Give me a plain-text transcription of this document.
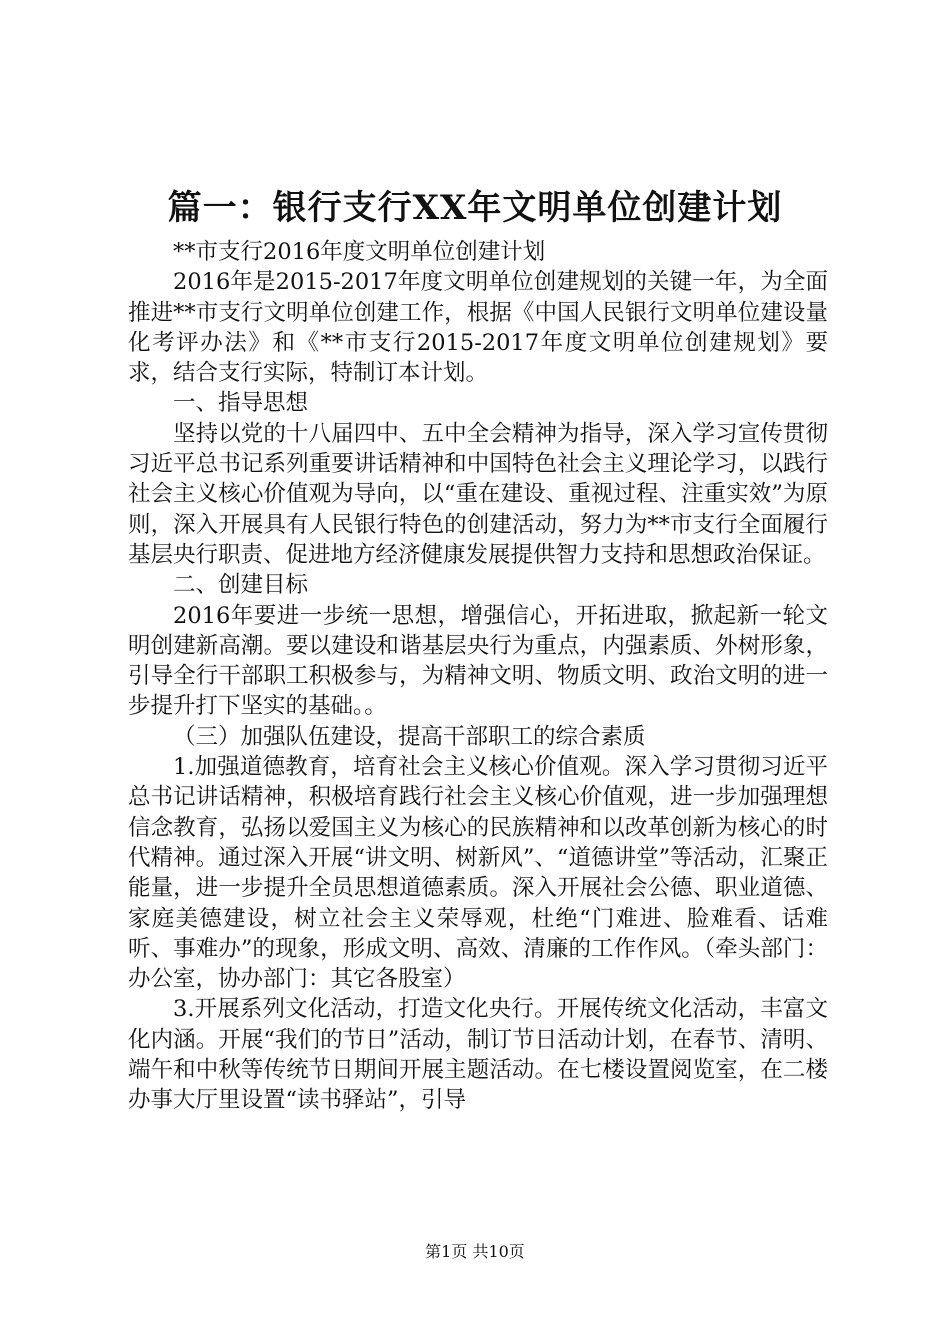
篇一：银行支行XX年文明单位创建计划

**市支行2016年度文明单位创建计划

2016年是2015-2017年度文明单位创建规划的关键一年，为全面推进**市支行文明单位创建工作，根据《中国人民银行文明单位建设量化考评办法》和《**市支行2015-2017年度文明单位创建规划》要求，结合支行实际，特制订本计划。

一、指导思想

坚持以党的十八届四中、五中全会精神为指导，深入学习宣传贯彻习近平总书记系列重要讲话精神和中国特色社会主义理论学习，以践行社会主义核心价值观为导向，以“重在建设、重视过程、注重实效”为原则，深入开展具有人民银行特色的创建活动，努力为**市支行全面履行基层央行职责、促进地方经济健康发展提供智力支持和思想政治保证。

二、创建目标

2016年要进一步统一思想，增强信心，开拓进取，掀起新一轮文明创建新高潮。要以建设和谐基层央行为重点，内强素质、外树形象，引导全行干部职工积极参与，为精神文明、物质文明、政治文明的进一步提升打下坚实的基础。。

（三）加强队伍建设，提高干部职工的综合素质

1.加强道德教育，培育社会主义核心价值观。深入学习贯彻习近平总书记讲话精神，积极培育践行社会主义核心价值观，进一步加强理想信念教育，弘扬以爱国主义为核心的民族精神和以改革创新为核心的时代精神。通过深入开展“讲文明、树新风”、“道德讲堂”等活动，汇聚正能量，进一步提升全员思想道德素质。深入开展社会公德、职业道德、家庭美德建设，树立社会主义荣辱观，杜绝“门难进、脸难看、话难听、事难办”的现象，形成文明、高效、清廉的工作作风。（牵头部门：办公室，协办部门：其它各股室）

3.开展系列文化活动，打造文化央行。开展传统文化活动，丰富文化内涵。开展“我们的节日”活动，制订节日活动计划，在春节、清明、端午和中秋等传统节日期间开展主题活动。在七楼设置阅览室，在二楼办事大厅里设置“读书驿站”，引导

第1页 共10页
